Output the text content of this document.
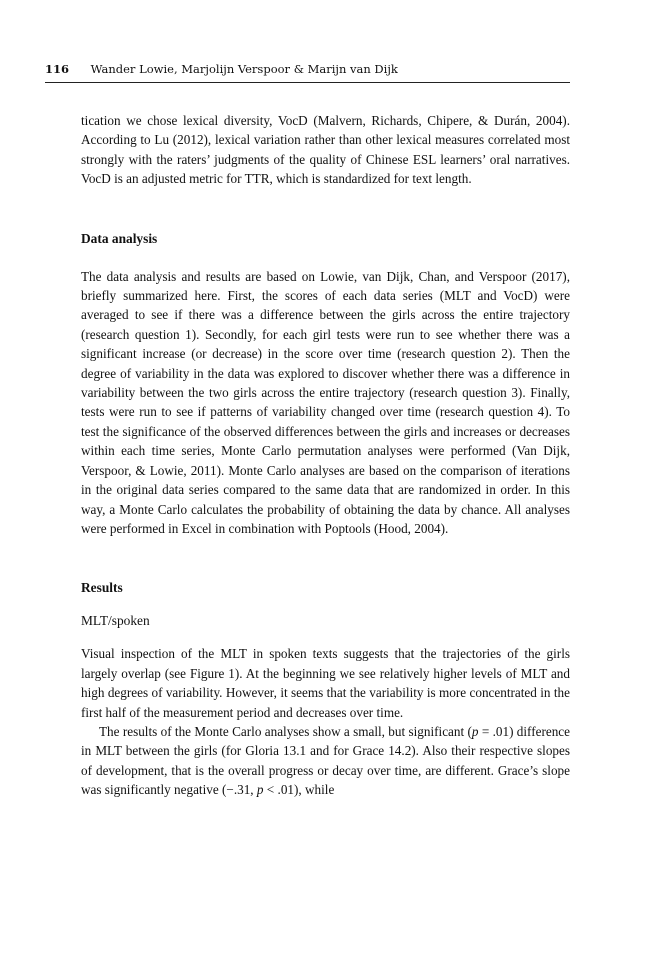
116 Wander Lowie, Marjolijn Verspoor & Marijn van Dijk

tication we chose lexical diversity, VocD (Malvern, Richards, Chipere, & Durán, 2004). According to Lu (2012), lexical variation rather than other lexical measures correlated most strongly with the raters’ judgments of the quality of Chinese ESL learners’ oral narratives. VocD is an adjusted metric for TTR, which is standardized for text length.

Data analysis

The data analysis and results are based on Lowie, van Dijk, Chan, and Verspoor (2017), briefly summarized here. First, the scores of each data series (MLT and VocD) were averaged to see if there was a difference between the girls across the entire trajectory (research question 1). Secondly, for each girl tests were run to see whether there was a significant increase (or decrease) in the score over time (research question 2). Then the degree of variability in the data was explored to discover whether there was a difference in variability between the two girls across the entire trajectory (research question 3). Finally, tests were run to see if patterns of variability changed over time (research question 4). To test the significance of the observed differences between the girls and increases or decreases within each time series, Monte Carlo permutation analyses were performed (Van Dijk, Verspoor, & Lowie, 2011). Monte Carlo analyses are based on the comparison of iterations in the original data series compared to the same data that are randomized in order. In this way, a Monte Carlo calculates the probability of obtaining the data by chance. All analyses were performed in Excel in combination with Poptools (Hood, 2004).

Results
MLT/spoken

Visual inspection of the MLT in spoken texts suggests that the trajectories of the girls largely overlap (see Figure 1). At the beginning we see relatively higher levels of MLT and high degrees of variability. However, it seems that the variability is more concentrated in the first half of the measurement period and decreases over time.

The results of the Monte Carlo analyses show a small, but significant (p = .01) difference in MLT between the girls (for Gloria 13.1 and for Grace 14.2). Also their respective slopes of development, that is the overall progress or decay over time, are different. Grace’s slope was significantly negative (−.31, p < .01), while
